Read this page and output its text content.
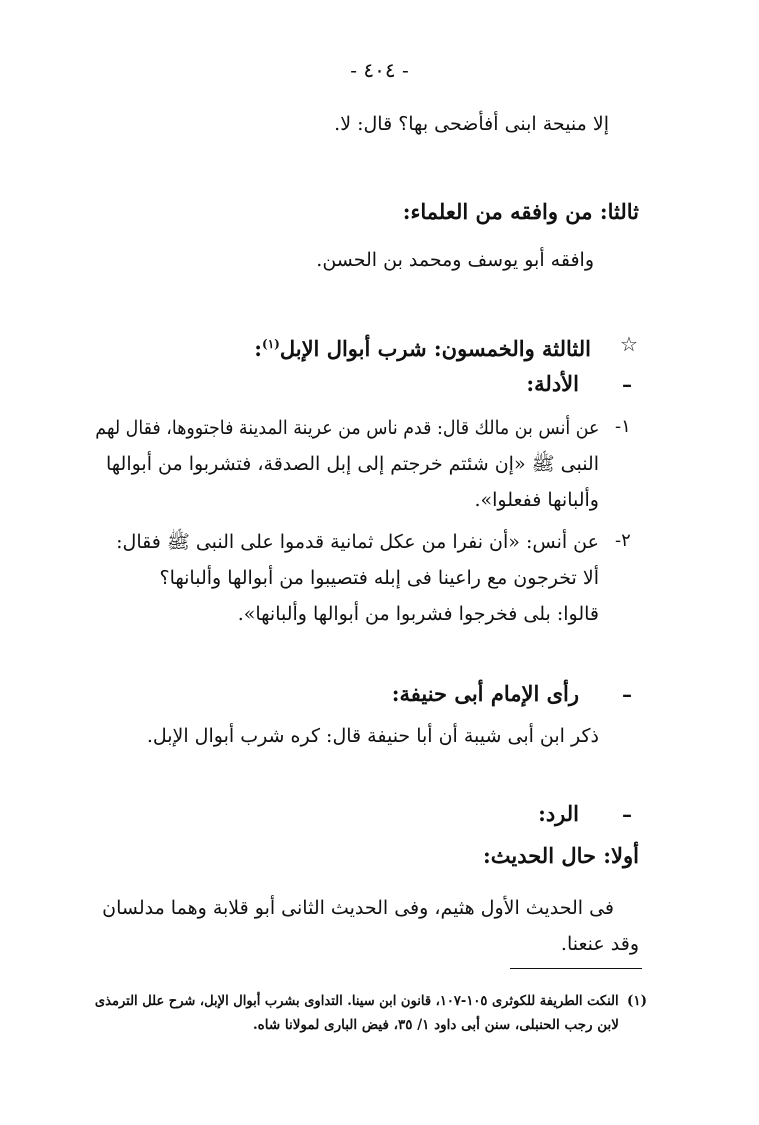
- ٤٠٤ -
إلا منيحة ابنى أفأضحى بها؟ قال: لا.
ثالثا: من وافقه من العلماء:
وافقه أبو يوسف ومحمد بن الحسن.
☆
الثالثة والخمسون: شرب أبوال الإبل$^{(١)}$:
–
الأدلة:
١-
عن أنس بن مالك قال: قدم ناس من عرينة المدينة فاجتووها، فقال لهم
النبى ﷺ «إن شئتم خرجتم إلى إبل الصدقة، فتشربوا من أبوالها
وألبانها ففعلوا».
٢-
عن أنس: «أن نفرا من عكل ثمانية قدموا على النبى ﷺ فقال:
ألا تخرجون مع راعينا فى إبله فتصيبوا من أبوالها وألبانها؟
قالوا: بلى فخرجوا فشربوا من أبوالها وألبانها».
–
رأى الإمام أبى حنيفة:
ذكر ابن أبى شيبة أن أبا حنيفة قال: كره شرب أبوال الإبل.
–
الرد:
أولا: حال الحديث:
فى الحديث الأول هثيم، وفى الحديث الثانى أبو قلابة وهما مدلسان
وقد عنعنا.
(١)
النكت الطريفة للكوثرى ١٠٥-١٠٧، قانون ابن سينا. التداوى بشرب أبوال الإبل، شرح علل الترمذى
لابن رجب الحنبلى، سنن أبى داود ١/ ٣٥، فيض البارى لمولانا شاه.
